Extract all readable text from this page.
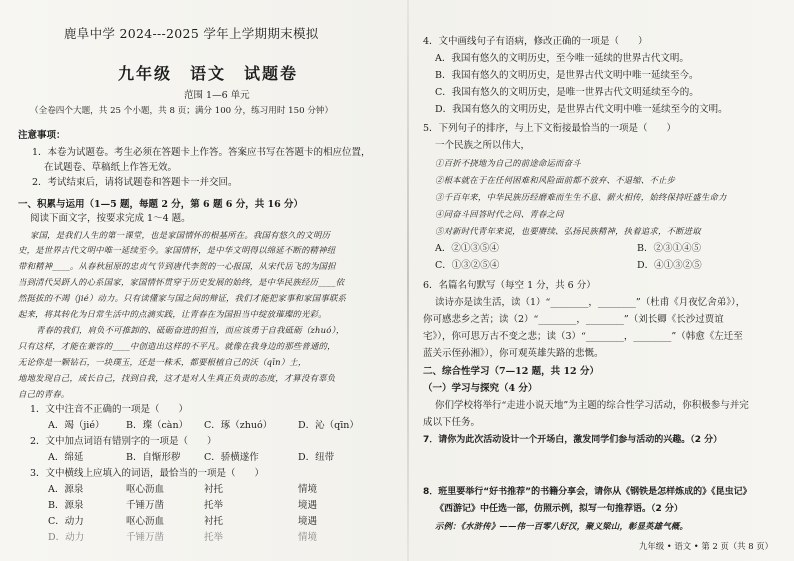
鹿阜中学 2024---2025 学年上学期期末模拟
九年级　语文　试题卷
范围 1—6 单元
（全卷四个大题，共 25 个小题，共 8 页；满分 100 分，练习用时 150 分钟）
注意事项：
1．本卷为试题卷。考生必须在答题卡上作答。答案应书写在答题卡的相应位置，
在试题卷、草稿纸上作答无效。
2．考试结束后，请将试题卷和答题卡一并交回。
一、积累与运用（1—5 题，每题 2 分，第 6 题 6 分，共 16 分）
阅读下面文字，按要求完成 1～4 题。
家国，是我们人生的第一课堂，也是家国情怀的根基所在。我国有悠久的文明历
史，是世界古代文明中唯一延续至今。家国情怀，是中华文明得以绵延不断的精神纽
带和精神____。从春秋屈原的忠贞气节到唐代李贺的一心报国，从宋代岳飞的为国担
当到清代吴趼人的心系国家，家国情怀贯穿于历史发展的始终，是中华民族经历____依
然挺拔的不竭（jié）动力。只有读懂家与国之间的辩证，我们才能把家事和家国事联系
起来，将其转化为日常生活中的点滴实践，让青春在为国担当中绽放璀璨的光彩。
青春的我们，肩负不可推卸的、砥砺奋进的担当，而应该勇于自我砥砺（zhuó），
只有这样，才能在兼容的____中创造出这样的不平凡。就像在我身边的那些普通的，
无论你是一颗钻石，一块璞玉，还是一株禾，都要根植自己的沃（qīn）土，
地地发现自己，成长自己，找到自我，这才是对人生真正负责的态度，才算没有辜负
自己的青春。
1．文中注音不正确的一项是（　　）
A．竭（jié） B．璨（càn） C．琢（zhuó）	D．沁（qīn）
2．文中加点词语有错别字的一项是（　　）
A．绵延	B．自惭形秽 C．骄横遂作	D．纽带
3．文中横线上应填入的词语，最恰当的一项是（　　）
A．源泉	呕心沥血	衬托	情境
B．源泉	千锤万凿	托举	境遇
C．动力	呕心沥血	衬托	境遇
D．动力	千锤万凿	托举	情境
4．文中画线句子有语病，修改正确的一项是（　　）
A．我国有悠久的文明历史，至今唯一延续的世界古代文明。
B．我国有悠久的文明历史，是世界古代文明中唯一延续至今。
C．我国有悠久的文明历史，是唯一世界古代文明延续至今的。
D．我国有悠久的文明历史，是世界古代文明中唯一延续至今的文明。
5．下列句子的排序，与上下文衔接最恰当的一项是（　　）
一个民族之所以伟大，
①百折不挠地为自己的前途命运而奋斗
②根本就在于在任何困难和风险面前都不放弃、不退缩、不止步
③千百年来，中华民族历经磨难而生生不息、薪火相传，始终保持旺盛生命力
④同奋斗回答时代之问、青春之问
⑤对新时代青年来说，也要赓续、弘扬民族精神，执着追求，不断进取
A．②①③⑤④	B．②③①④⑤
C．①③②⑤④	D．④①③②⑤
6．名篇名句默写（每空 1 分，共 6 分）
读诗亦是读生活，读（1）“________，________”（杜甫《月夜忆舍弟》），
你可感悲乡之苦；读（2）“________，________”（刘长卿《长沙过贾谊
宅》），你可思万古不变之悲；读（3）“________，________”（韩愈《左迁至
蓝关示侄孙湘》），你可观英雄失路的悲慨。
二、综合性学习（7—12 题，共 12 分）
（一）学习与探究（4 分）
你们学校将举行“走进小说天地”为主题的综合性学习活动，你积极参与并完
成以下任务。
7．请你为此次活动设计一个开场白，激发同学们参与活动的兴趣。（2 分）
8．班里要举行“好书推荐”的书籍分享会，请你从《钢铁是怎样炼成的》《昆虫记》
《西游记》中任选一部，仿照示例，拟写一句推荐语。（2 分）
示例：《水浒传》——伟一百零八好汉，聚义梁山，彰显英雄气概。
九年级 • 语文 • 第 2 页（共 8 页）
